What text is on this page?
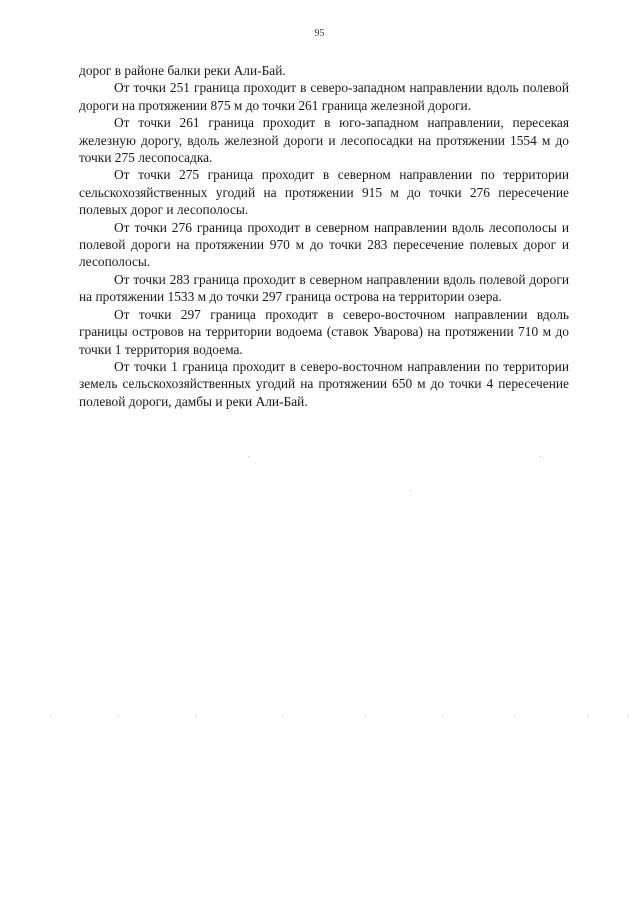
95

дорог в районе балки реки Али-Бай.

От точки 251 граница проходит в северо-западном направлении вдоль полевой дороги на протяжении 875 м до точки 261 граница железной дороги.

От точки 261 граница проходит в юго-западном направлении, пересекая железную дорогу, вдоль железной дороги и лесопосадки на протяжении 1554 м до точки 275 лесопосадка.

От точки 275 граница проходит в северном направлении по территории сельскохозяйственных угодий на протяжении 915 м до точки 276 пересечение полевых дорог и лесополосы.

От точки 276 граница проходит в северном направлении вдоль лесополосы и полевой дороги на протяжении 970 м до точки 283 пересечение полевых дорог и лесополосы.

От точки 283 граница проходит в северном направлении вдоль полевой дороги на протяжении 1533 м до точки 297 граница острова на территории озера.

От точки 297 граница проходит в северо-восточном направлении вдоль границы островов на территории водоема (ставок Уварова) на протяжении 710 м до точки 1 территория водоема.

От точки 1 граница проходит в северо-восточном направлении по территории земель сельскохозяйственных угодий на протяжении 650 м до точки 4 пересечение полевой дороги, дамбы и реки Али-Бай.
